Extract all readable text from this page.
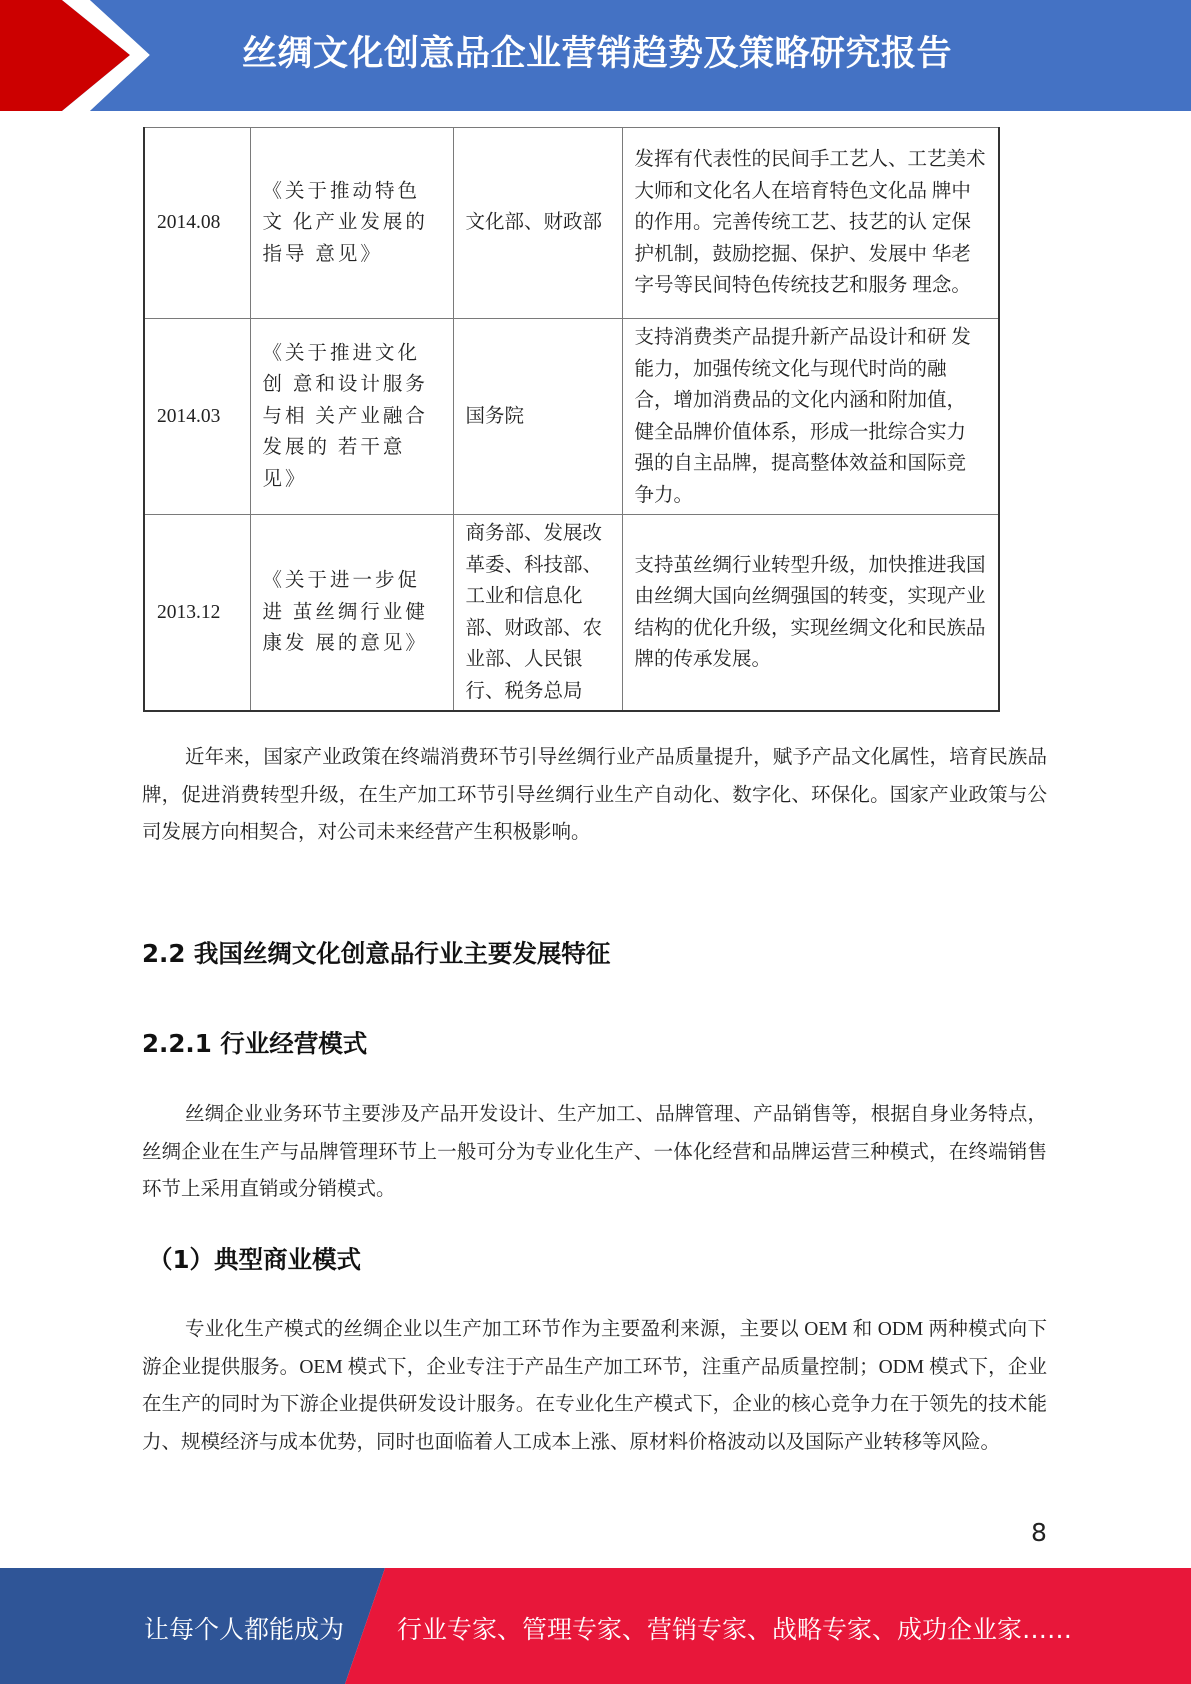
丝绸文化创意品企业营销趋势及策略研究报告
2014.08	《关于推动特色文 化产业发展的指导 意见》	文化部、财政部	发挥有代表性的民间手工艺人、工艺美术大师和文化名人在培育特色文化品 牌中的作用。完善传统工艺、技艺的认 定保护机制，鼓励挖掘、保护、发展中 华老字号等民间特色传统技艺和服务 理念。
2014.03	《关于推进文化创 意和设计服务与相 关产业融合发展的 若干意见》	国务院	支持消费类产品提升新产品设计和研 发能力，加强传统文化与现代时尚的融 合，增加消费品的文化内涵和附加值， 健全品牌价值体系，形成一批综合实力 强的自主品牌，提高整体效益和国际竞 争力。
2013.12	《关于进一步促进 茧丝绸行业健康发 展的意见》	商务部、发展改革委、科技部、工业和信息化部、财政部、农业部、人民银行、税务总局	支持茧丝绸行业转型升级，加快推进我国由丝绸大国向丝绸强国的转变，实现产业结构的优化升级，实现丝绸文化和民族品牌的传承发展。

近年来，国家产业政策在终端消费环节引导丝绸行业产品质量提升，赋予产品文化属性，培育民族品牌，促进消费转型升级，在生产加工环节引导丝绸行业生产自动化、数字化、环保化。国家产业政策与公司发展方向相契合，对公司未来经营产生积极影响。

2.2 我国丝绸文化创意品行业主要发展特征
2.2.1 行业经营模式

丝绸企业业务环节主要涉及产品开发设计、生产加工、品牌管理、产品销售等，根据自身业务特点，丝绸企业在生产与品牌管理环节上一般可分为专业化生产、一体化经营和品牌运营三种模式，在终端销售环节上采用直销或分销模式。

（1）典型商业模式

专业化生产模式的丝绸企业以生产加工环节作为主要盈利来源，主要以 OEM 和 ODM 两种模式向下游企业提供服务。OEM 模式下，企业专注于产品生产加工环节，注重产品质量控制；ODM 模式下，企业在生产的同时为下游企业提供研发设计服务。在专业化生产模式下，企业的核心竞争力在于领先的技术能力、规模经济与成本优势，同时也面临着人工成本上涨、原材料价格波动以及国际产业转移等风险。

8
让每个人都能成为 行业专家、管理专家、营销专家、战略专家、成功企业家……
